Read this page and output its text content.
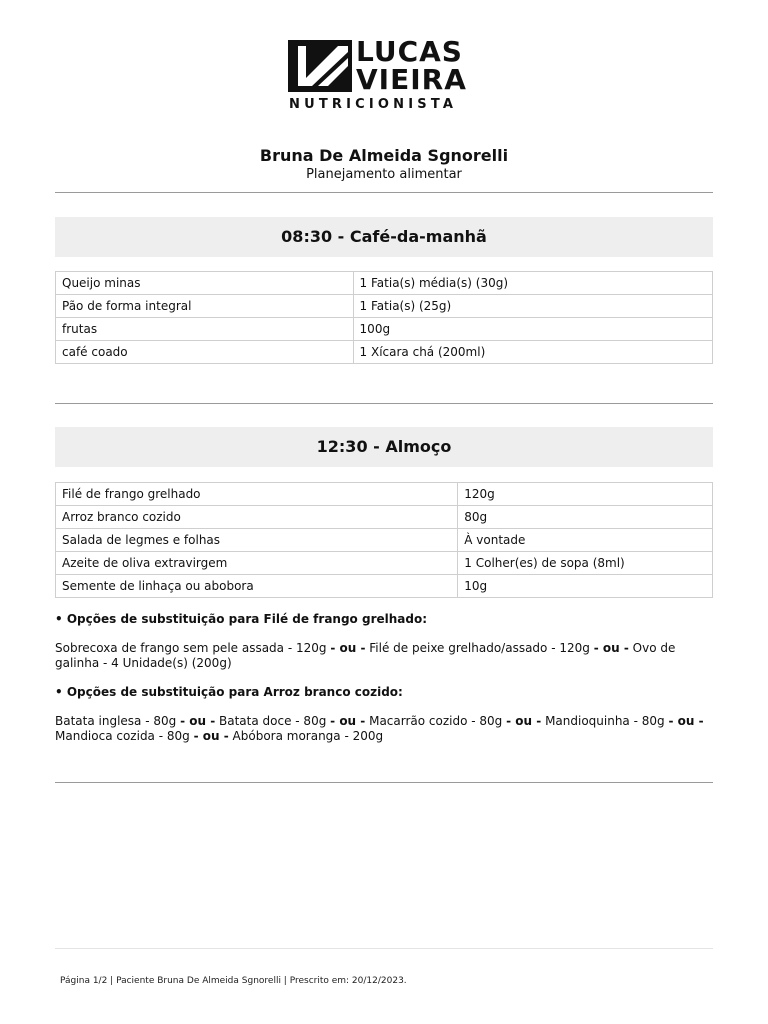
LUCAS
VIEIRA
NUTRICIONISTA
Bruna De Almeida Sgnorelli
Planejamento alimentar
08:30 - Café-da-manhã
Queijo minas	1 Fatia(s) média(s) (30g)
Pão de forma integral	1 Fatia(s) (25g)
frutas	100g
café coado	1 Xícara chá (200ml)
12:30 - Almoço
Filé de frango grelhado	120g
Arroz branco cozido	80g
Salada de legmes e folhas	À vontade
Azeite de oliva extravirgem	1 Colher(es) de sopa (8ml)
Semente de linhaça ou abobora	10g
• Opções de substituição para Filé de frango grelhado:
Sobrecoxa de frango sem pele assada - 120g - ou - Filé de peixe grelhado/assado - 120g - ou - Ovo de galinha - 4 Unidade(s) (200g)
• Opções de substituição para Arroz branco cozido:
Batata inglesa - 80g - ou - Batata doce - 80g - ou - Macarrão cozido - 80g - ou - Mandioquinha - 80g - ou - Mandioca cozida - 80g - ou - Abóbora moranga - 200g
Página 1/2 | Paciente Bruna De Almeida Sgnorelli | Prescrito em: 20/12/2023.
